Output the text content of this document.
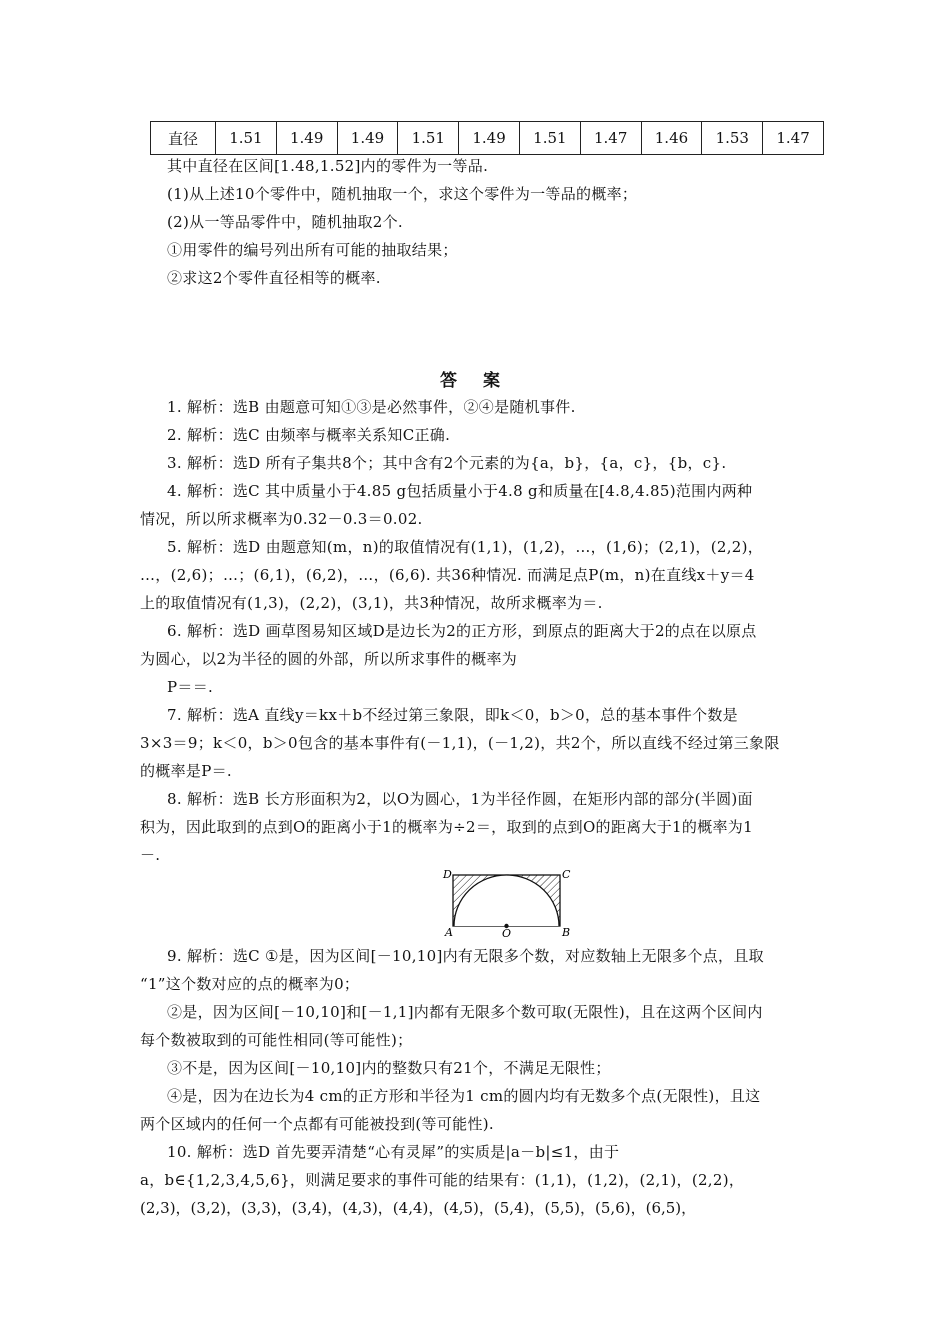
直径	1.51	1.49	1.49	1.51	1.49	1.51	1.47	1.46	1.53	1.47
其中直径在区间[1.48,1.52]内的零件为一等品.
(1)从上述10个零件中，随机抽取一个，求这个零件为一等品的概率；
(2)从一等品零件中，随机抽取2个.
①用零件的编号列出所有可能的抽取结果；
②求这2个零件直径相等的概率.
答 案
1. 解析：选B 由题意可知①③是必然事件，②④是随机事件.
2. 解析：选C 由频率与概率关系知C正确.
3. 解析：选D 所有子集共8个；其中含有2个元素的为{a，b}，{a，c}，{b，c}.
4. 解析：选C 其中质量小于4.85 g包括质量小于4.8 g和质量在[4.8,4.85)范围内两种
情况，所以所求概率为0.32－0.3＝0.02.
5. 解析：选D 由题意知(m，n)的取值情况有(1,1)，(1,2)，…，(1,6)；(2,1)，(2,2)，
…，(2,6)；…；(6,1)，(6,2)，…，(6,6). 共36种情况. 而满足点P(m，n)在直线x＋y＝4
上的取值情况有(1,3)，(2,2)，(3,1)，共3种情况，故所求概率为＝.
6. 解析：选D 画草图易知区域D是边长为2的正方形，到原点的距离大于2的点在以原点
为圆心，以2为半径的圆的外部，所以所求事件的概率为
P＝＝.
7. 解析：选A 直线y＝kx＋b不经过第三象限，即k＜0，b＞0，总的基本事件个数是
3×3＝9；k＜0，b＞0包含的基本事件有(－1,1)，(－1,2)，共2个，所以直线不经过第三象限
的概率是P＝.
8. 解析：选B 长方形面积为2，以O为圆心，1为半径作圆，在矩形内部的部分(半圆)面
积为，因此取到的点到O的距离小于1的概率为÷2＝，取到的点到O的距离大于1的概率为1
－.
D	C
A	O	B
9. 解析：选C ①是，因为区间[－10,10]内有无限多个数，对应数轴上无限多个点，且取
“1”这个数对应的点的概率为0；
②是，因为区间[－10,10]和[－1,1]内都有无限多个数可取(无限性)，且在这两个区间内
每个数被取到的可能性相同(等可能性)；
③不是，因为区间[－10,10]内的整数只有21个，不满足无限性；
④是，因为在边长为4 cm的正方形和半径为1 cm的圆内均有无数多个点(无限性)，且这
两个区域内的任何一个点都有可能被投到(等可能性).
10. 解析：选D 首先要弄清楚“心有灵犀”的实质是|a－b|≤1，由于
a，b∈{1,2,3,4,5,6}，则满足要求的事件可能的结果有：(1,1)，(1,2)，(2,1)，(2,2)，
(2,3)，(3,2)，(3,3)，(3,4)，(4,3)，(4,4)，(4,5)，(5,4)，(5,5)，(5,6)，(6,5)，
